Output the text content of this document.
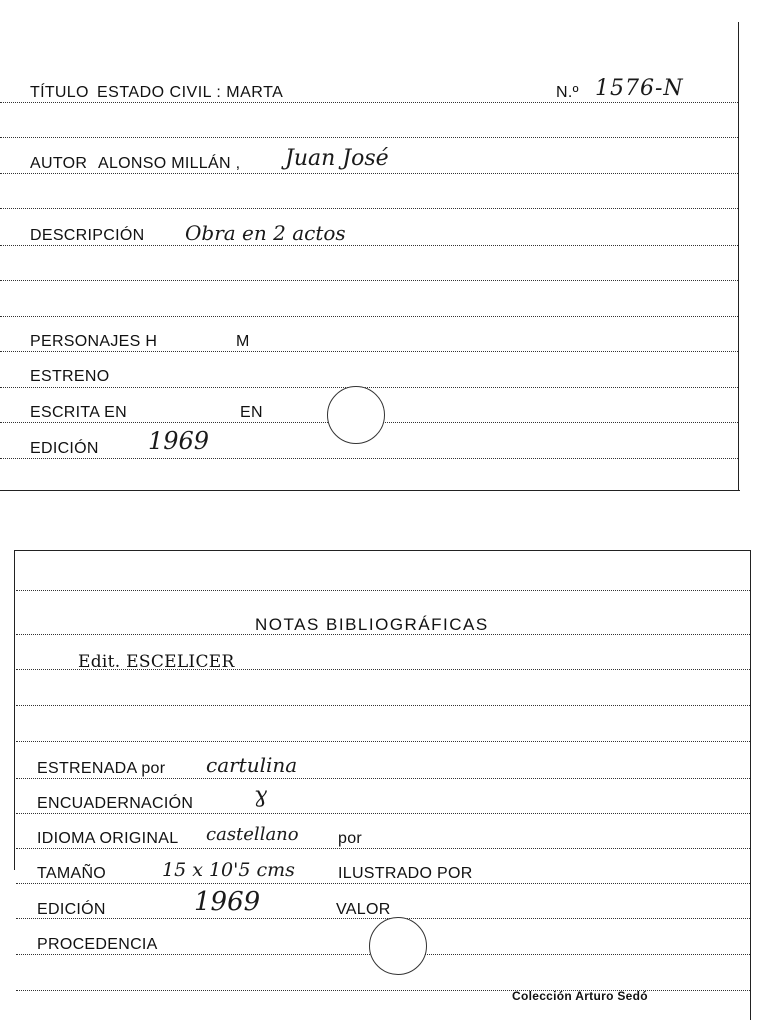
TÍTULO ESTADO CIVIL : MARTA	N.º 1576-N
AUTOR ALONSO MILLÁN , Juan José
DESCRIPCIÓN Obra en 2 actos
PERSONAJES H	M
ESTRENO
ESCRITA EN	EN
EDICIÓN 1969
NOTAS BIBLIOGRÁFICAS
Edit. ESCELICER
ESTRENADA por cartulina
ENCUADERNACIÓN	ɣ
IDIOMA ORIGINAL castellano por
TAMAÑO	15 x 10'5 cms	ILUSTRADO POR
EDICIÓN	1969	VALOR
PROCEDENCIA
Colección Arturo Sedó
